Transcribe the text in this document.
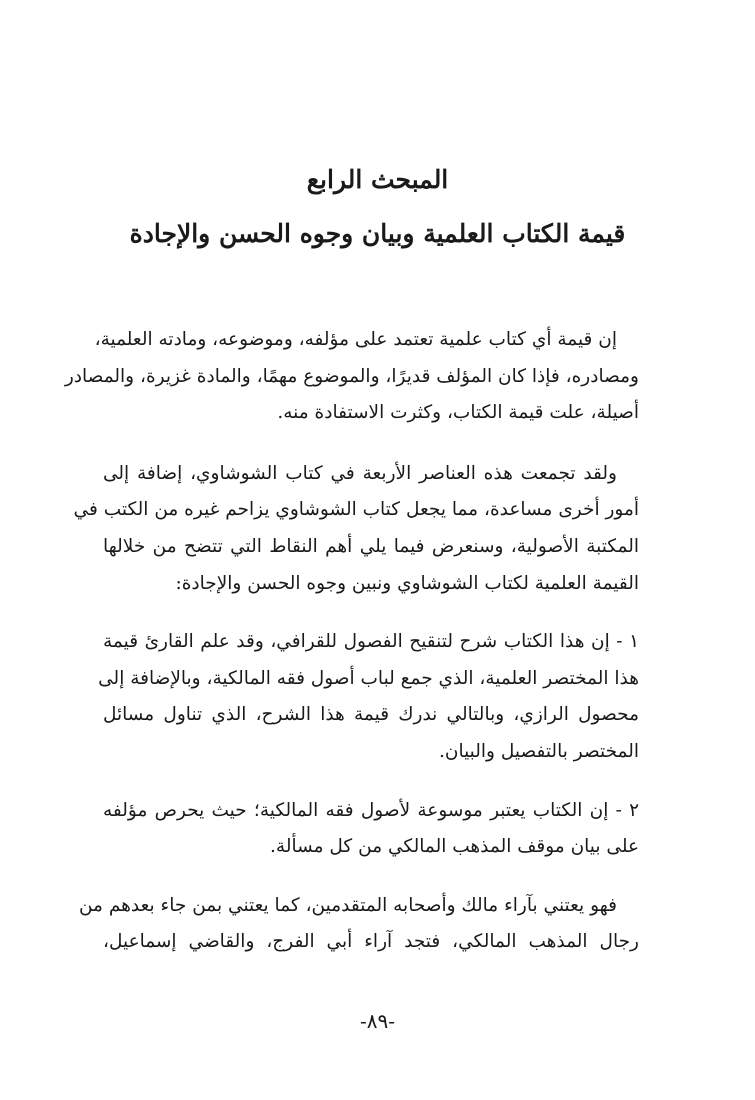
المبحث الرابع
قيمة الكتاب العلمية وبيان وجوه الحسن والإجادة

إن قيمة أي كتاب علمية تعتمد على مؤلفه، وموضوعه، ومادته العلمية،
ومصادره، فإذا كان المؤلف قديرًا، والموضوع مهمًا، والمادة غزيرة، والمصادر
أصيلة، علت قيمة الكتاب، وكثرت الاستفادة منه.

ولقد تجمعت هذه العناصر الأربعة في كتاب الشوشاوي، إضافة إلى
أمور أخرى مساعدة، مما يجعل كتاب الشوشاوي يزاحم غيره من الكتب في
المكتبة الأصولية، وسنعرض فيما يلي أهم النقاط التي تتضح من خلالها
القيمة العلمية لكتاب الشوشاوي ونبين وجوه الحسن والإجادة:

١ - إن هذا الكتاب شرح لتنقيح الفصول للقرافي، وقد علم القارئ قيمة
هذا المختصر العلمية، الذي جمع لباب أصول فقه المالكية، وبالإضافة إلى
محصول الرازي، وبالتالي ندرك قيمة هذا الشرح، الذي تناول مسائل
المختصر بالتفصيل والبيان.

٢ - إن الكتاب يعتبر موسوعة لأصول فقه المالكية؛ حيث يحرص مؤلفه
على بيان موقف المذهب المالكي من كل مسألة.

فهو يعتني بآراء مالك وأصحابه المتقدمين، كما يعتني بمن جاء بعدهم من
رجال المذهب المالكي، فتجد آراء أبي الفرج، والقاضي إسماعيل،

-٨٩-
